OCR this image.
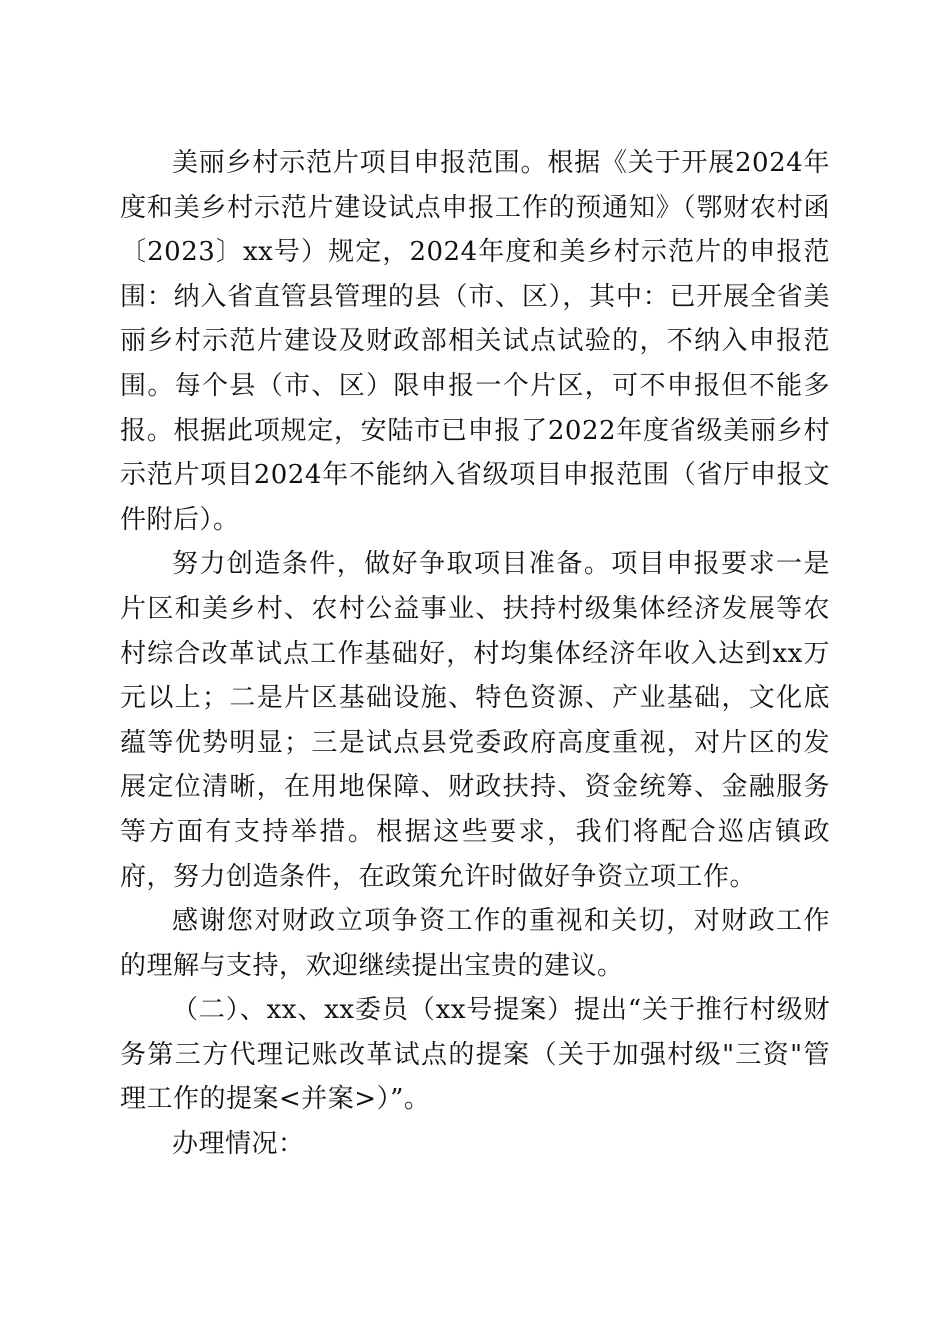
美丽乡村示范片项目申报范围。根据《关于开展2024年度和美乡村示范片建设试点申报工作的预通知》（鄂财农村函〔2023〕xx号）规定，2024年度和美乡村示范片的申报范围：纳入省直管县管理的县（市、区），其中：已开展全省美丽乡村示范片建设及财政部相关试点试验的，不纳入申报范围。每个县（市、区）限申报一个片区，可不申报但不能多报。根据此项规定，安陆市已申报了2022年度省级美丽乡村示范片项目2024年不能纳入省级项目申报范围（省厅申报文件附后）。

努力创造条件，做好争取项目准备。项目申报要求一是片区和美乡村、农村公益事业、扶持村级集体经济发展等农村综合改革试点工作基础好，村均集体经济年收入达到xx万元以上；二是片区基础设施、特色资源、产业基础，文化底蕴等优势明显；三是试点县党委政府高度重视，对片区的发展定位清晰，在用地保障、财政扶持、资金统筹、金融服务等方面有支持举措。根据这些要求，我们将配合巡店镇政府，努力创造条件，在政策允许时做好争资立项工作。

感谢您对财政立项争资工作的重视和关切，对财政工作的理解与支持，欢迎继续提出宝贵的建议。

（二）、xx、xx委员（xx号提案）提出“关于推行村级财务第三方代理记账改革试点的提案（关于加强村级"三资"管理工作的提案<并案>）”。

办理情况：
